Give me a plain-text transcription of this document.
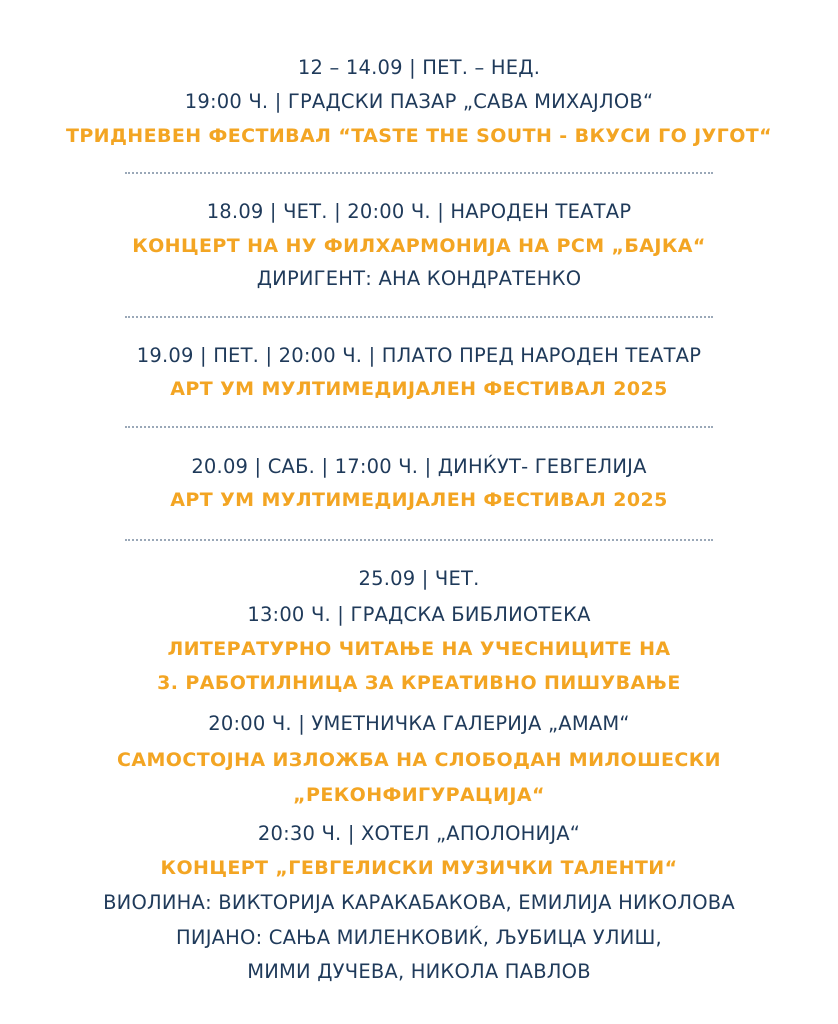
12 – 14.09 | ПЕТ. – НЕД.
19:00 Ч. | ГРАДСКИ ПАЗАР „САВА МИХАЈЛОВ“
ТРИДНЕВЕН ФЕСТИВАЛ “TASTE THE SOUTH - ВКУСИ ГО ЈУГОТ“
18.09 | ЧЕТ. | 20:00 Ч. | НАРОДЕН ТЕАТАР
КОНЦЕРТ НА НУ ФИЛХАРМОНИЈА НА РСМ „БАЈКА“
ДИРИГЕНТ: АНА КОНДРАТЕНКО
19.09 | ПЕТ. | 20:00 Ч. | ПЛАТО ПРЕД НАРОДЕН ТЕАТАР
АРТ УМ МУЛТИМЕДИЈАЛЕН ФЕСТИВАЛ 2025
20.09 | САБ. | 17:00 Ч. | ДИНЌУТ- ГЕВГЕЛИЈА
АРТ УМ МУЛТИМЕДИЈАЛЕН ФЕСТИВАЛ 2025
25.09 | ЧЕТ.
13:00 Ч. | ГРАДСКА БИБЛИОТЕКА
ЛИТЕРАТУРНО ЧИТАЊЕ НА УЧЕСНИЦИТЕ НА
3. РАБОТИЛНИЦА ЗА КРЕАТИВНО ПИШУВАЊЕ
20:00 Ч. | УМЕТНИЧКА ГАЛЕРИЈА „АМАМ“
САМОСТОЈНА ИЗЛОЖБА НА СЛОБОДАН МИЛОШЕСКИ
„РЕКОНФИГУРАЦИЈА“
20:30 Ч. | ХОТЕЛ „АПОЛОНИЈА“
КОНЦЕРТ „ГЕВГЕЛИСКИ МУЗИЧКИ ТАЛЕНТИ“
ВИОЛИНА: ВИКТОРИЈА КАРАКАБАКОВА, ЕМИЛИЈА НИКОЛОВА
ПИЈАНО: САЊА МИЛЕНКОВИЌ, ЉУБИЦА УЛИШ,
МИМИ ДУЧЕВА, НИКОЛА ПАВЛОВ
